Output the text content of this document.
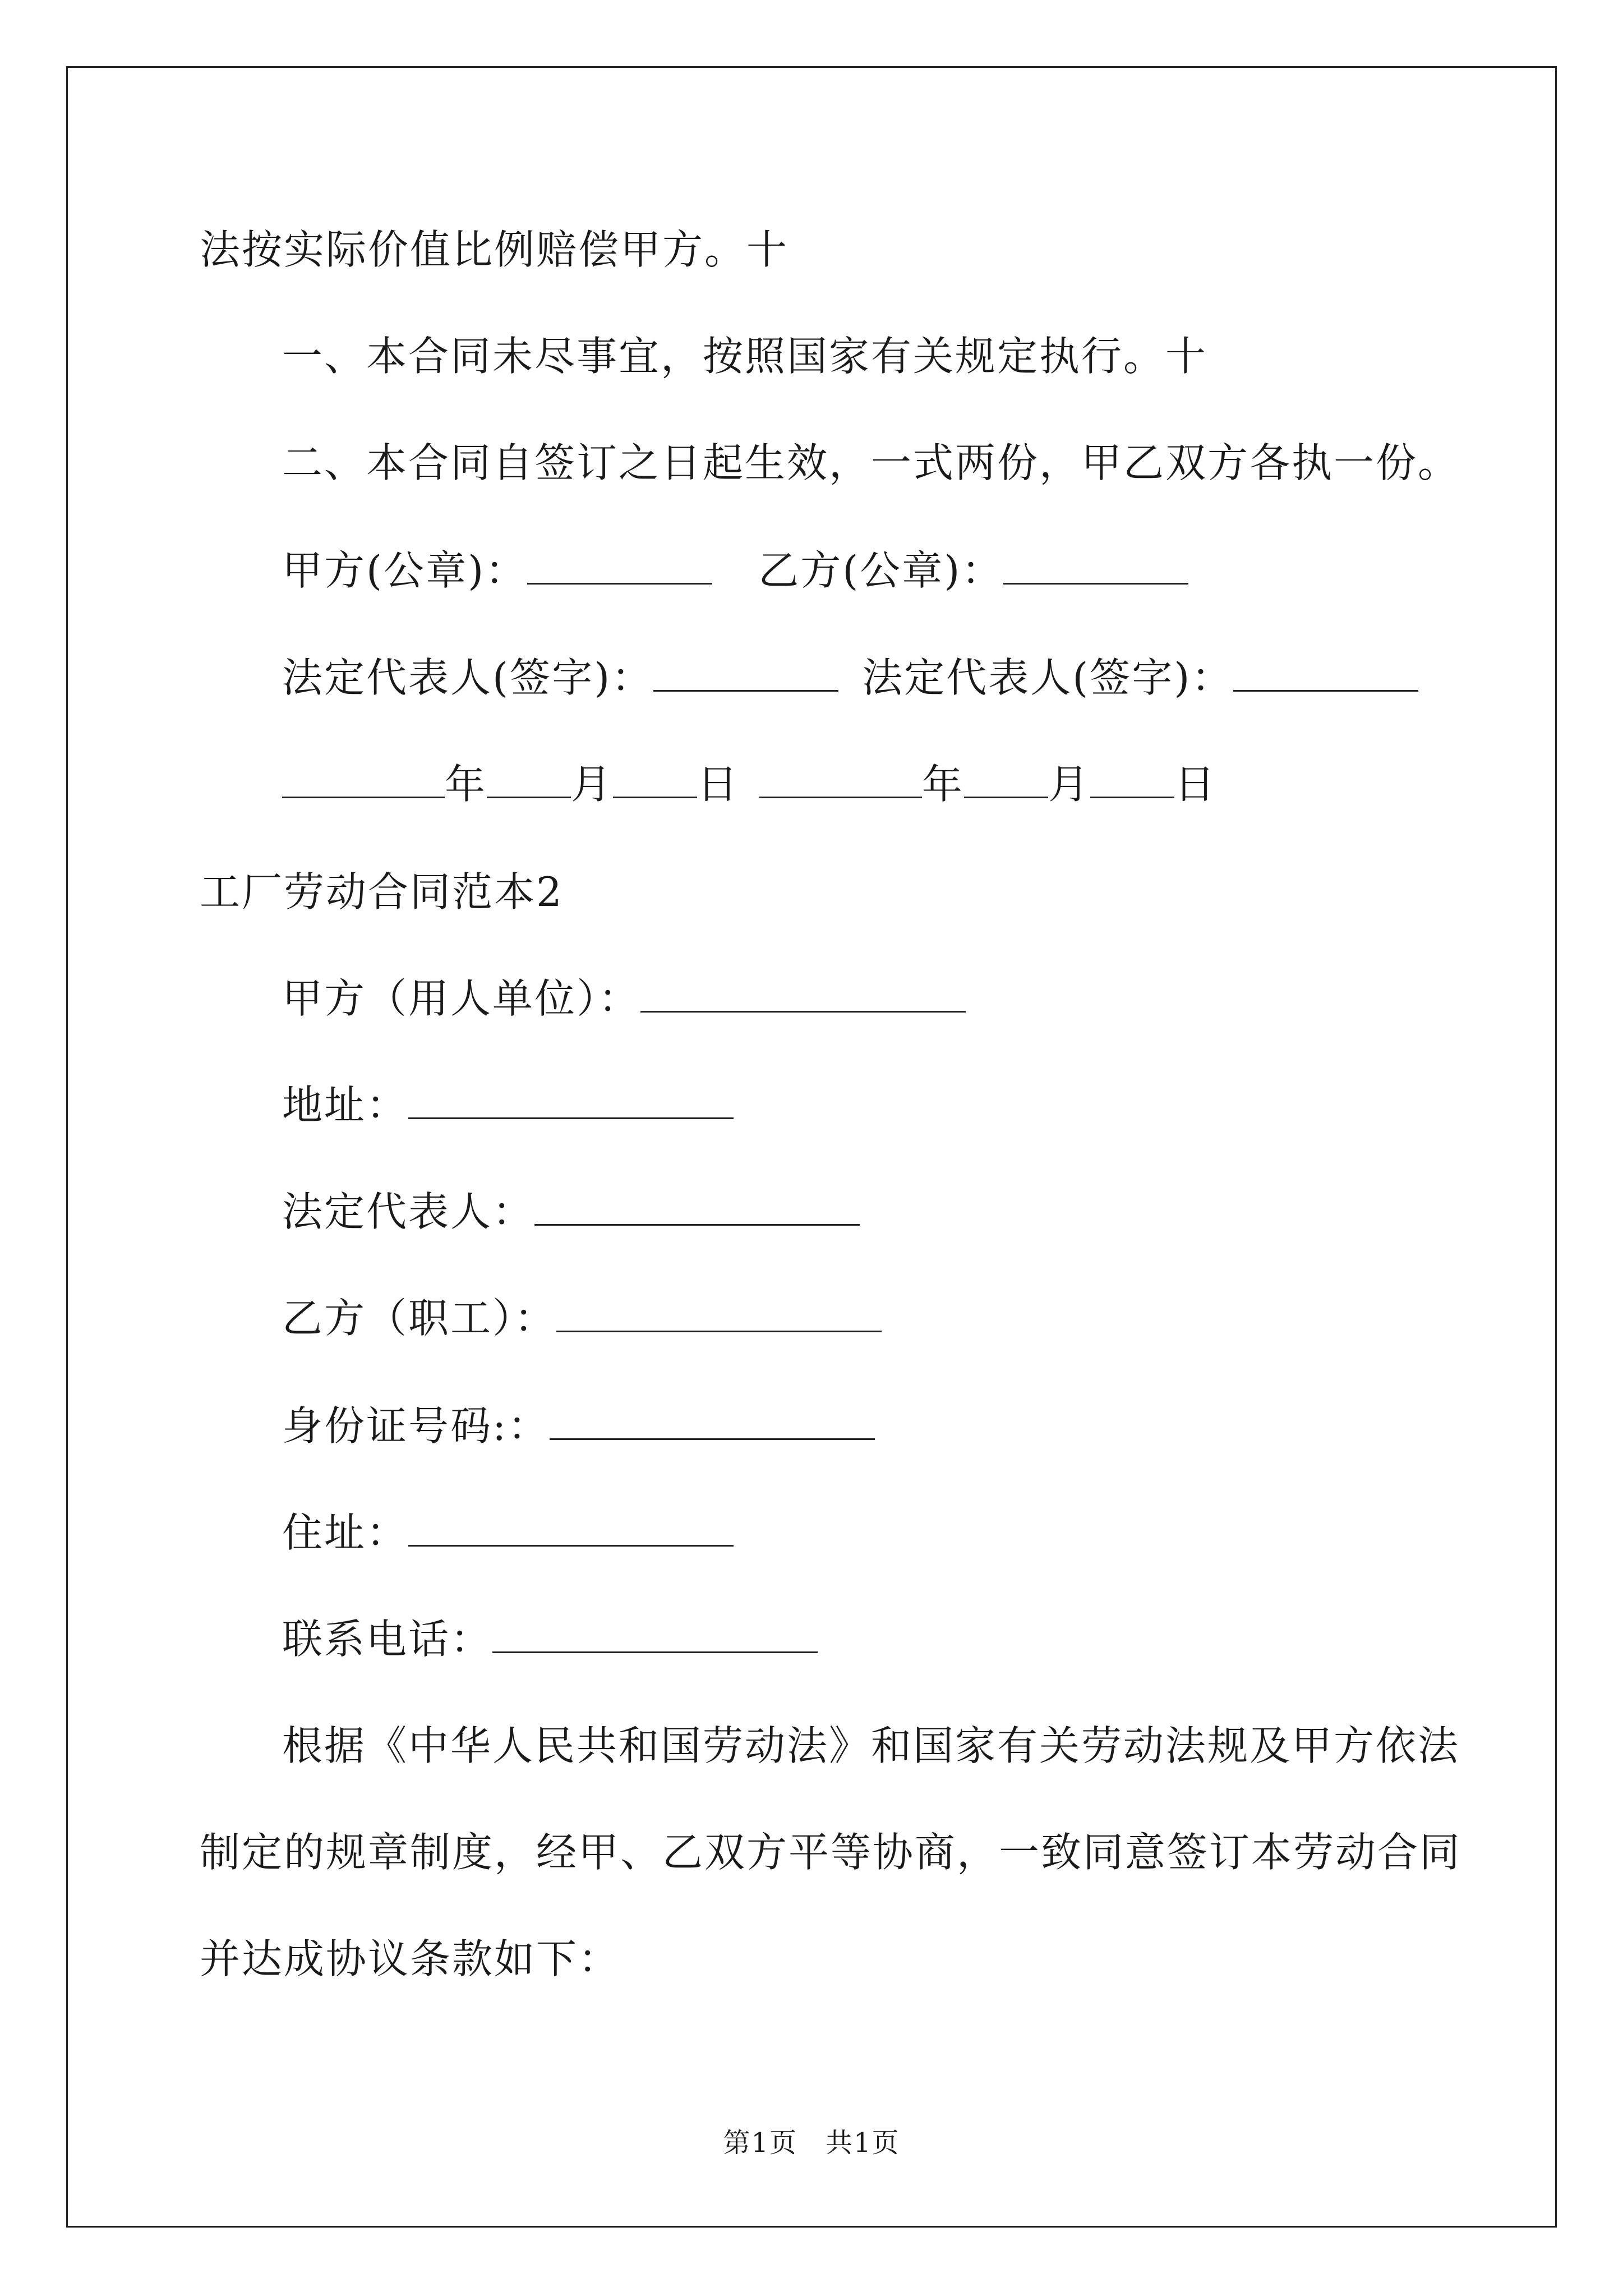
法按实际价值比例赔偿甲方。十
一、本合同未尽事宜，按照国家有关规定执行。十
二、本合同自签订之日起生效，一式两份，甲乙双方各执一份。
甲方(公章)：	乙方(公章)：
法定代表人(签字)：	法定代表人(签字)：
年 月 日	年 月 日
工厂劳动合同范本2
甲方（用人单位）：
地址：
法定代表人：
乙方（职工）：
身份证号码:：
住址：
联系电话：
根据《中华人民共和国劳动法》和国家有关劳动法规及甲方依法
制定的规章制度，经甲、乙双方平等协商，一致同意签订本劳动合同
并达成协议条款如下：
第1页　共1页
